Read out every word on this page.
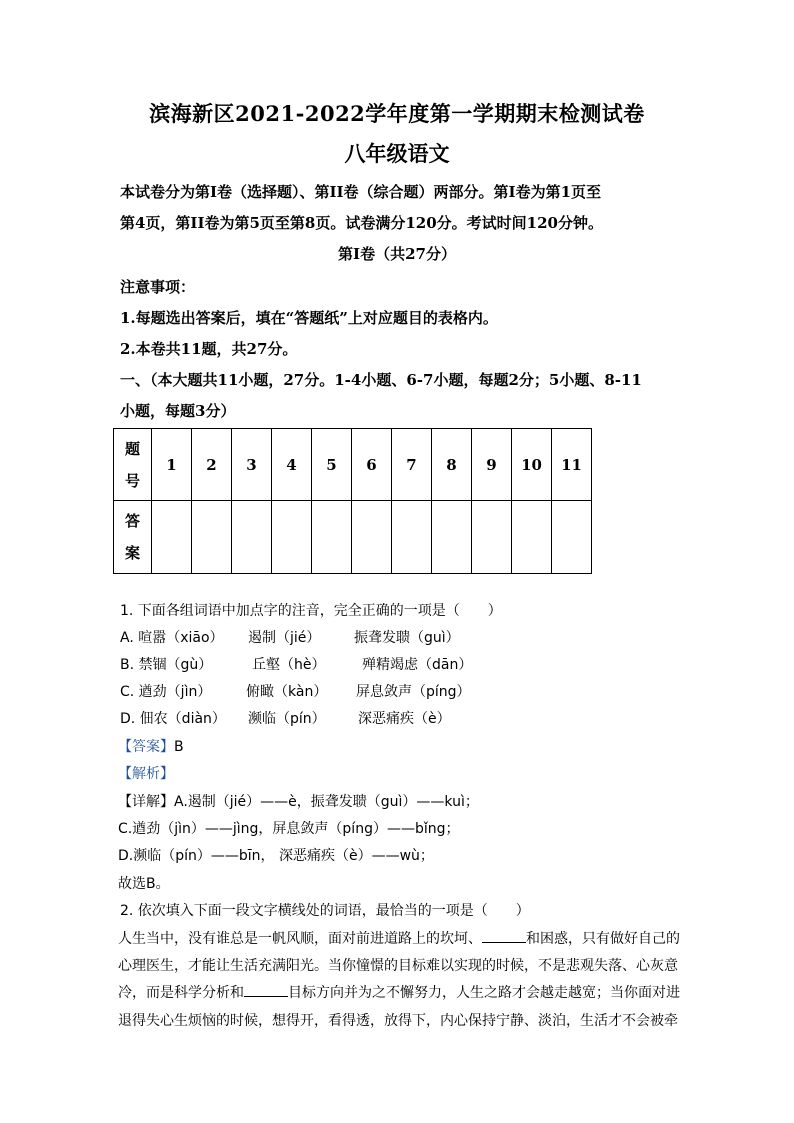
滨海新区2021-2022学年度第一学期期末检测试卷
八年级语文
本试卷分为第I卷（选择题）、第II卷（综合题）两部分。第I卷为第1页至
第4页，第II卷为第5页至第8页。试卷满分120分。考试时间120分钟。
第I卷（共27分）
注意事项：
1.每题选出答案后，填在“答题纸”上对应题目的表格内。
2.本卷共11题，共27分。
一、（本大题共11小题，27分。1-4小题、6-7小题，每题2分；5小题、8-11
小题，每题3分）
题
号	1	2	3	4	5	6	7	8	9	10	11

答
案											

1. 下面各组词语中加点字的注音，完全正确的一项是（　　）
A. 喧嚣（xiāo） 遏制（jié） 振聋发聩（guì）
B. 禁锢（gù）	丘壑（hè）	殚精竭虑（dān）
C. 遒劲（jìn） 俯瞰（kàn） 屏息敛声（píng）
D. 佃农（diàn） 濒临（pín） 深恶痛疾（è）
【答案】B
【解析】
【详解】A.遏制（jié）——è，振聋发聩（guì）——kuì；
C.遒劲（jìn）——jìng，屏息敛声（píng）——bǐng；
D.濒临（pín）——bīn， 深恶痛疾（è）——wù；
故选B。
2. 依次填入下面一段文字横线处的词语，最恰当的一项是（　　）
人生当中，没有谁总是一帆风顺，面对前进道路上的坎坷、	和困惑，只有做好自己的
心理医生，才能让生活充满阳光。当你憧憬的目标难以实现的时候，不是悲观失落、心灰意
冷，而是科学分析和	目标方向并为之不懈努力，人生之路才会越走越宽；当你面对进
退得失心生烦恼的时候，想得开，看得透，放得下，内心保持宁静、淡泊，生活才不会被牵
